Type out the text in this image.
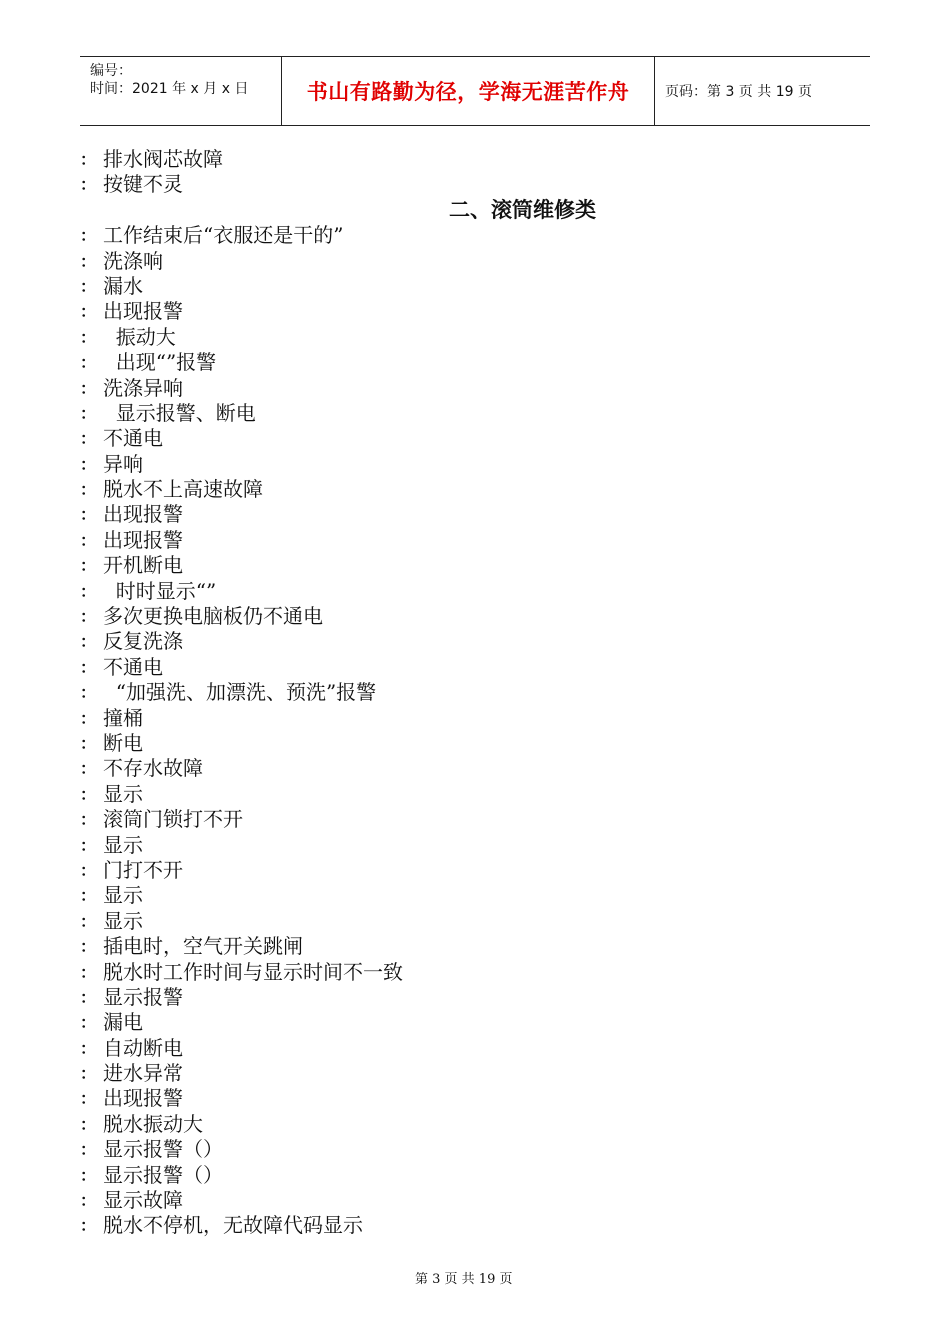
编号：
时间：2021 年 x 月 x 日	书山有路勤为径，学海无涯苦作舟	页码：第 3 页 共 19 页
： 排水阀芯故障
： 按键不灵
二、滚筒维修类
： 工作结束后“衣服还是干的”
： 洗涤响
： 漏水
： 出现报警
： 振动大
： 出现“”报警
： 洗涤异响
： 显示报警、断电
： 不通电
： 异响
： 脱水不上高速故障
： 出现报警
： 出现报警
： 开机断电
： 时时显示“”
： 多次更换电脑板仍不通电
： 反复洗涤
： 不通电
： “加强洗、加漂洗、预洗”报警
： 撞桶
： 断电
： 不存水故障
： 显示
： 滚筒门锁打不开
： 显示
： 门打不开
： 显示
： 显示
： 插电时，空气开关跳闸
： 脱水时工作时间与显示时间不一致
： 显示报警
： 漏电
： 自动断电
： 进水异常
： 出现报警
： 脱水振动大
： 显示报警（）
： 显示报警（）
： 显示故障
： 脱水不停机，无故障代码显示
第 3 页 共 19 页
